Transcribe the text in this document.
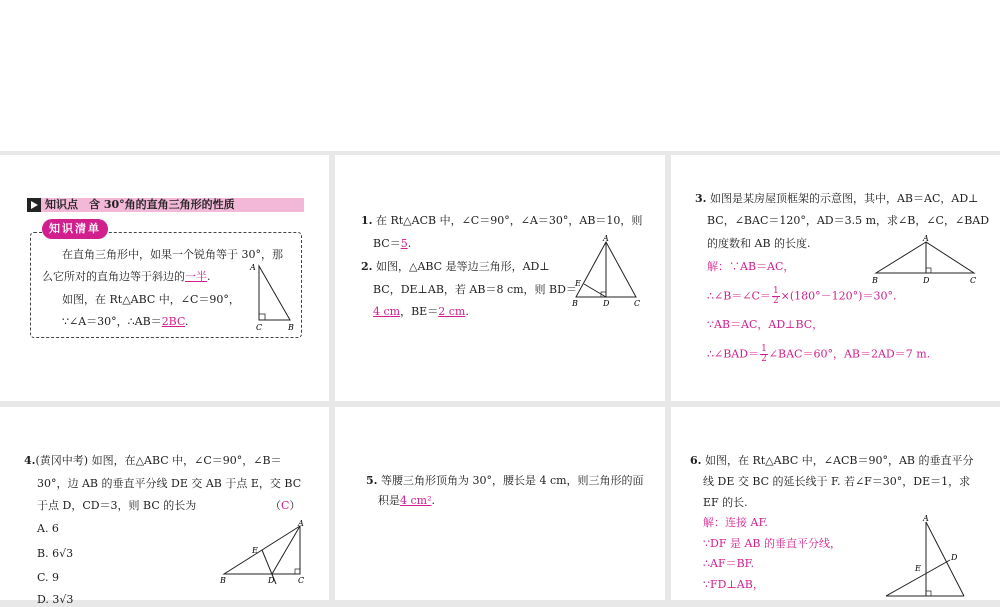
知识点　含 30°角的直角三角形的性质
知识清单
在直角三角形中，如果一个锐角等于 30°，那
么它所对的直角边等于斜边的一半.
如图，在 Rt△ABC 中，∠C＝90°，
∵∠A＝30°，∴AB＝2BC.
A
C	B
1. 在 Rt△ACB 中，∠C＝90°，∠A＝30°，AB＝10，则
BC＝5.
2. 如图，△ABC 是等边三角形，AD⊥
BC，DE⊥AB，若 AB＝8 cm，则 BD＝
4 cm，BE＝2 cm.
A
B	D	C
E
3. 如图是某房屋顶框架的示意图，其中，AB＝AC，AD⊥
BC，∠BAC＝120°，AD＝3.5 m，求∠B，∠C，∠BAD
的度数和 AB 的长度.
解：∵AB＝AC，
∴∠B＝∠C＝ $\frac{1}{2} \times(180^\circ-120^\circ)=30^\circ$.
∵AB＝AC，AD⊥BC，
∴∠BAD＝ $\frac{1}{2}$ ∠BAC＝60°，AB＝2AD＝7 m.
A
B	D	C
4.(黄冈中考) 如图，在△ABC 中，∠C＝90°，∠B＝
30°，边 AB 的垂直平分线 DE 交 AB 于点 E，交 BC
于点 D，CD＝3，则 BC 的长为	（C）
A. 6
B. 6√3
C. 9
D. 3√3
A
B	D	C
E
5. 等腰三角形顶角为 30°，腰长是 4 cm，则三角形的面
积是4 cm².
6. 如图，在 Rt△ABC 中，∠ACB＝90°，AB 的垂直平分
线 DE 交 BC 的延长线于 F. 若∠F＝30°，DE＝1，求
EF 的长.
解：连接 AF.
∵DF 是 AB 的垂直平分线，
∴AF＝BF.
∵FD⊥AB，
A
D
E
